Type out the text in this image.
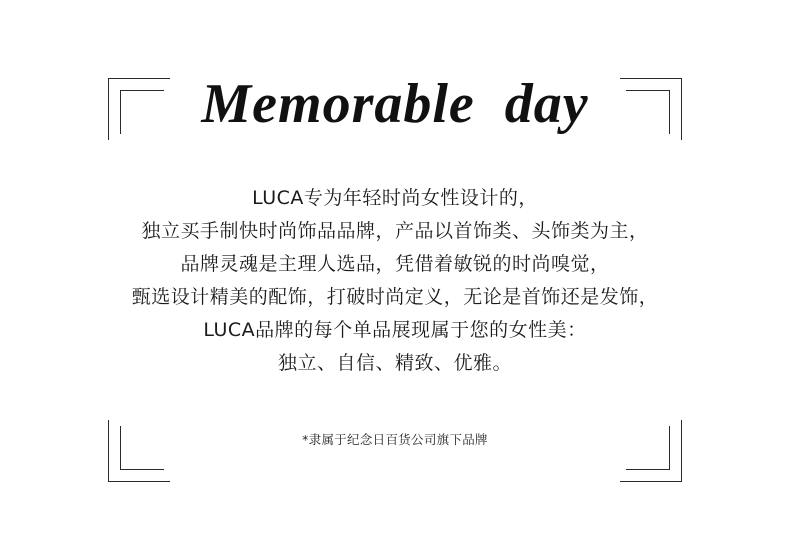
Memorable  day
LUCA专为年轻时尚女性设计的，
独立买手制快时尚饰品品牌，产品以首饰类、头饰类为主，
品牌灵魂是主理人选品，凭借着敏锐的时尚嗅觉，
甄选设计精美的配饰，打破时尚定义，无论是首饰还是发饰，
LUCA品牌的每个单品展现属于您的女性美：
独立、自信、精致、优雅。
*隶属于纪念日百货公司旗下品牌
